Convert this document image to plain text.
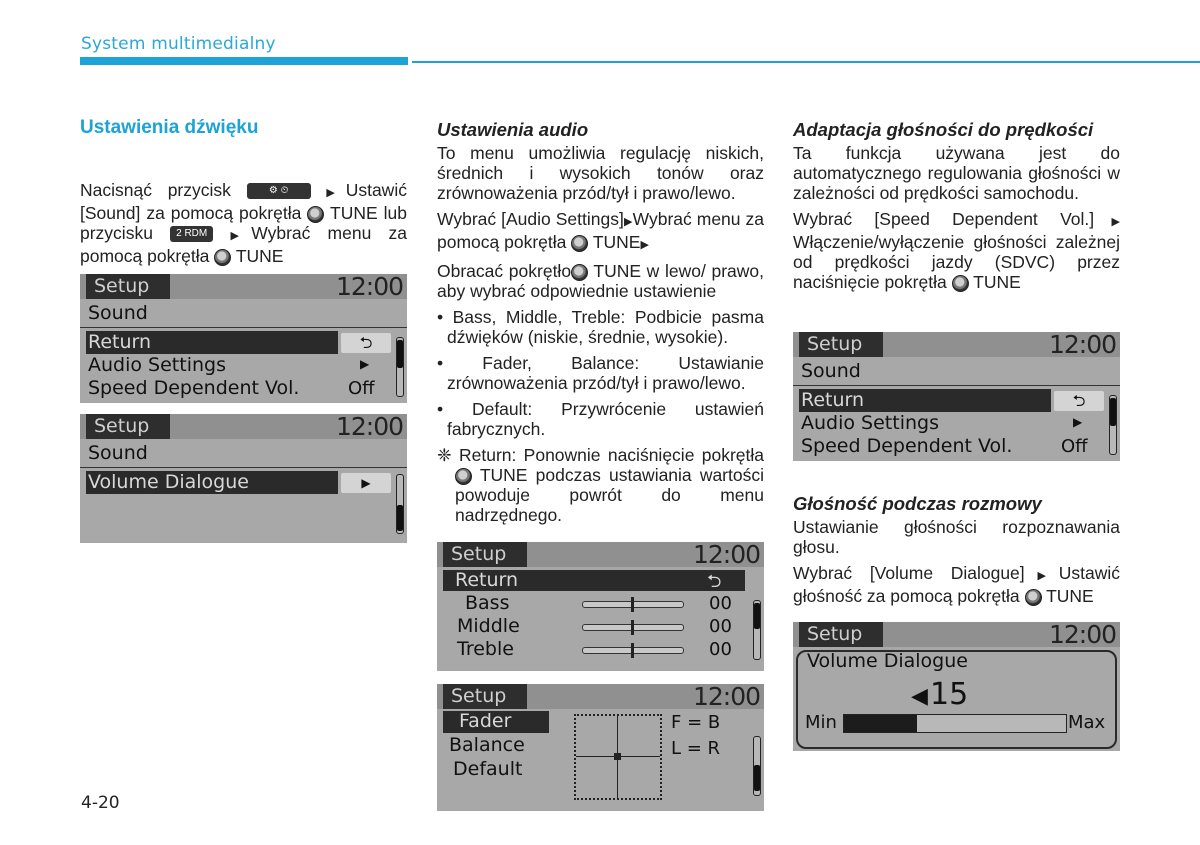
System multimedialny
Ustawienia dźwięku

Nacisnąć przycisk	⚙ ⏲	▶Ustawić [Sound] za pomocą pokrętła TUNE lub przycisku 2 RDM ▶Wybrać menu za pomocą pokrętła TUNE

Setup	12:00
Sound
Return	⮌
Audio Settings	▶
Speed Dependent Vol.	Off
Setup	12:00
Sound
Volume Dialogue	▶
Ustawienia audio

To menu umożliwia regulację niskich, średnich i wysokich tonów oraz zrównoważenia przód/tył i prawo/lewo.

Wybrać [Audio Settings]▶Wybrać menu za pomocą pokrętła TUNE▶

Obracać pokrętło TUNE w lewo/ prawo, aby wybrać odpowiednie ustawienie

• Bass, Middle, Treble: Podbicie pasma dźwięków (niskie, średnie, wysokie).
• Fader, Balance: Ustawianie zrównoważenia przód/tył i prawo/lewo.
• Default: Przywrócenie ustawień fabrycznych.
❈ Return: Ponownie naciśnięcie pokrętła  TUNE podczas ustawiania wartości powoduje powrót do menu nadrzędnego.
Setup	12:00
Return	⮌
Bass	00
Middle	00
Treble	00
Setup	12:00
Fader
Balance
Default
F = B
L = R
Adaptacja głośności do prędkości

Ta funkcja używana jest do automatycznego regulowania głośności w zależności od prędkości samochodu.

Wybrać [Speed Dependent Vol.]▶ Włączenie/wyłączenie głośności zależnej od prędkości jazdy (SDVC) przez naciśnięcie pokrętła TUNE

Setup	12:00
Sound
Return	⮌
Audio Settings	▶
Speed Dependent Vol.	Off
Głośność podczas rozmowy

Ustawianie głośności rozpoznawania głosu.

Wybrać [Volume Dialogue]▶Ustawić głośność za pomocą pokrętła TUNE

Setup	12:00
Volume Dialogue
◀ 15
Min	Max
4-20
